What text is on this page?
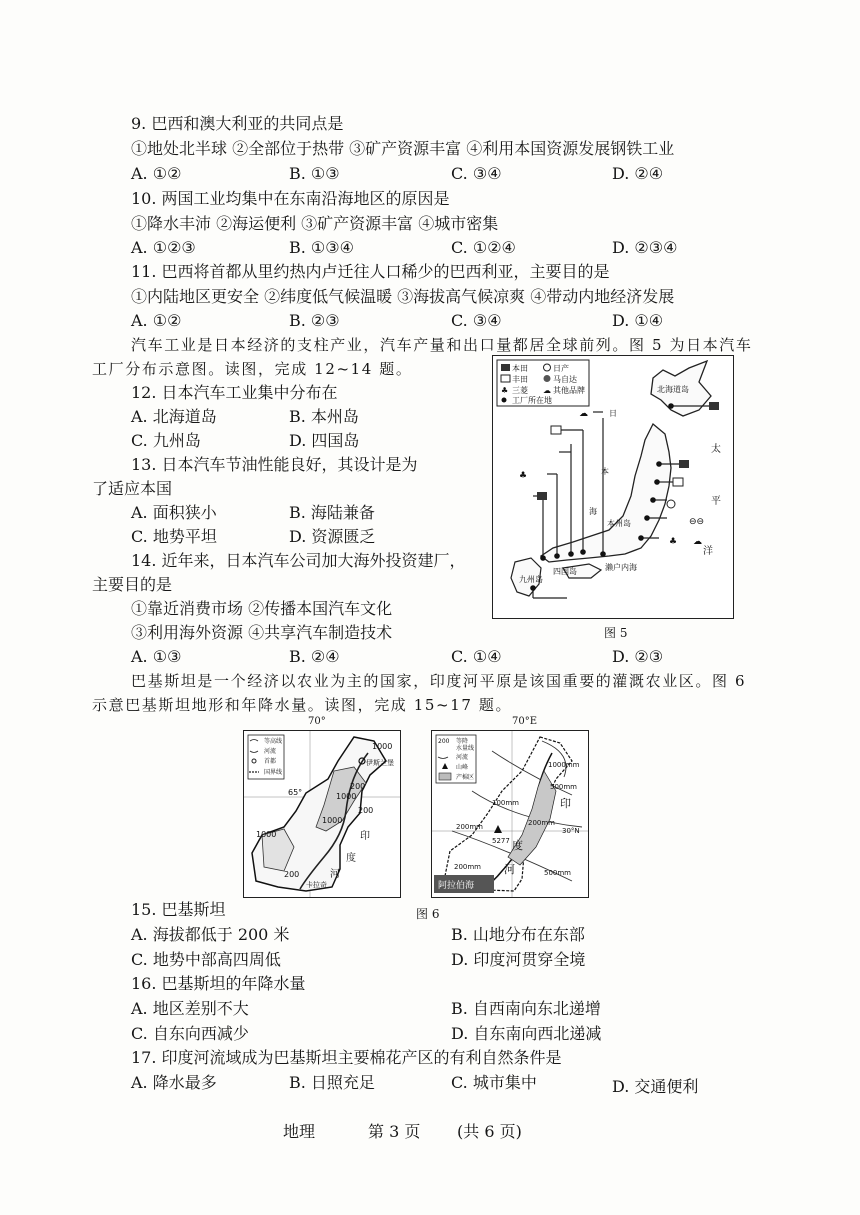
9. 巴西和澳大利亚的共同点是
①地处北半球 ②全部位于热带 ③矿产资源丰富 ④利用本国资源发展钢铁工业
A. ①②	B. ①③	C. ③④	D. ②④
10. 两国工业均集中在东南沿海地区的原因是
①降水丰沛 ②海运便利 ③矿产资源丰富 ④城市密集
A. ①②③	B. ①③④	C. ①②④	D. ②③④
11. 巴西将首都从里约热内卢迁往人口稀少的巴西利亚，主要目的是
①内陆地区更安全 ②纬度低气候温暖 ③海拔高气候凉爽 ④带动内地经济发展
A. ①②	B. ②③	C. ③④	D. ①④
汽车工业是日本经济的支柱产业，汽车产量和出口量都居全球前列。图 5 为日本汽车
工厂分布示意图。读图，完成 12~14 题。
12. 日本汽车工业集中分布在
A. 北海道岛	B. 本州岛
C. 九州岛	D. 四国岛
13. 日本汽车节油性能良好，其设计是为
了适应本国
A. 面积狭小	B. 海陆兼备
C. 地势平坦	D. 资源匮乏
14. 近年来，日本汽车公司加大海外投资建厂，
主要目的是
①靠近消费市场 ②传播本国汽车文化
③利用海外资源 ④共享汽车制造技术
A. ①③	B. ②④	C. ①④	D. ②③
本田	日产
丰田	马自达
♣ 三菱 ☁ 其他品牌
工厂所在地
♣
♣ ☁
☁
⊖⊖
北海道岛
日
本
海
太
平
洋
本州岛
四国岛
九州岛
濑户内海
图 5
巴基斯坦是一个经济以农业为主的国家，印度河平原是该国重要的灌溉农业区。图 6
示意巴基斯坦地形和年降水量。读图，完成 15~17 题。
70°
等高线
河流
首都
国界线
1000
1000
1000
1000
200
200
200
伊斯兰堡
卡拉奇
65°
印
度
河
70°E
200 等降
水量线
河流
山峰
产棉区
1000mm
500mm
200mm
500mm
200mm
100mm
200mm
5277
30°N
印
度
河
阿拉伯海
图 6
15. 巴基斯坦
A. 海拔都低于 200 米	B. 山地分布在东部
C. 地势中部高四周低	D. 印度河贯穿全境
16. 巴基斯坦的年降水量
A. 地区差别不大	B. 自西南向东北递增
C. 自东向西减少	D. 自东南向西北递减
17. 印度河流域成为巴基斯坦主要棉花产区的有利自然条件是
A. 降水最多	B. 日照充足	C. 城市集中	D. 交通便利
地理	第 3 页 (共 6 页)
